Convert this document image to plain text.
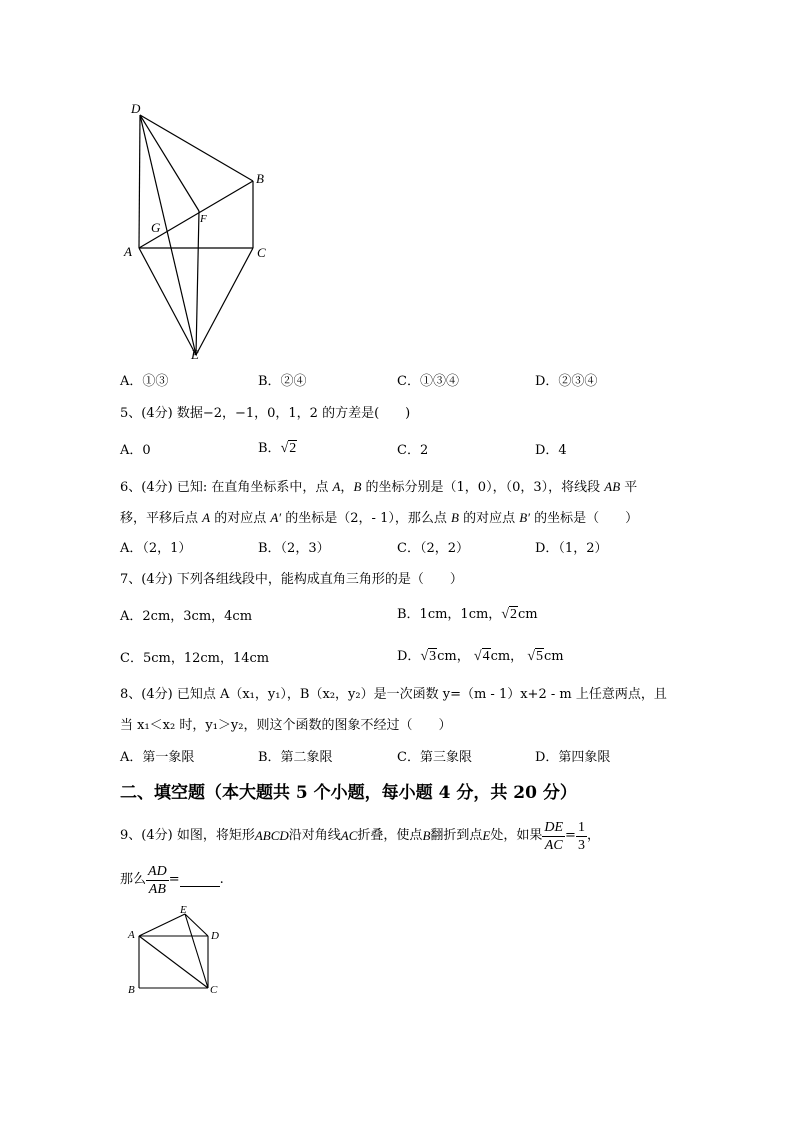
D
B
F
G
A	C
E
A．①③	B．②④	C．①③④	D．②③④
5、(4分) 数据−2，−1，0，1，2 的方差是(　　)
A．0	B．√2	C．2	D．4
6、(4分) 已知: 在直角坐标系中，点 A，B 的坐标分别是（1，0），（0，3），将线段 AB 平
移，平移后点 A 的对应点 A′ 的坐标是（2，- 1），那么点 B 的对应点 B′ 的坐标是（　　）
A．（2，1）	B．（2，3）	C．（2，2）	D．（1，2）
7、(4分) 下列各组线段中，能构成直角三角形的是（　　）
A．2cm，3cm，4cm	B．1cm，1cm，√2cm
C．5cm，12cm，14cm	D．√3cm， √4cm， √5cm
8、(4分) 已知点 A（x₁，y₁），B（x₂，y₂）是一次函数 y=（m - 1）x+2 - m 上任意两点，且
当 x₁＜x₂ 时，y₁＞y₂，则这个函数的图象不经过（　　）
A．第一象限	B．第二象限	C．第三象限	D．第四象限
二、填空题（本大题共 5 个小题，每小题 4 分，共 20 分）
9、(4分) 如图，将矩形 ABCD 沿对角线 AC 折叠，使点 B 翻折到点 E 处，如果 $\frac{DE}{AC} = \frac{1}{3}$ ，
那么 $\frac{AD}{AB}$ =	.
E
A	D
B	C
